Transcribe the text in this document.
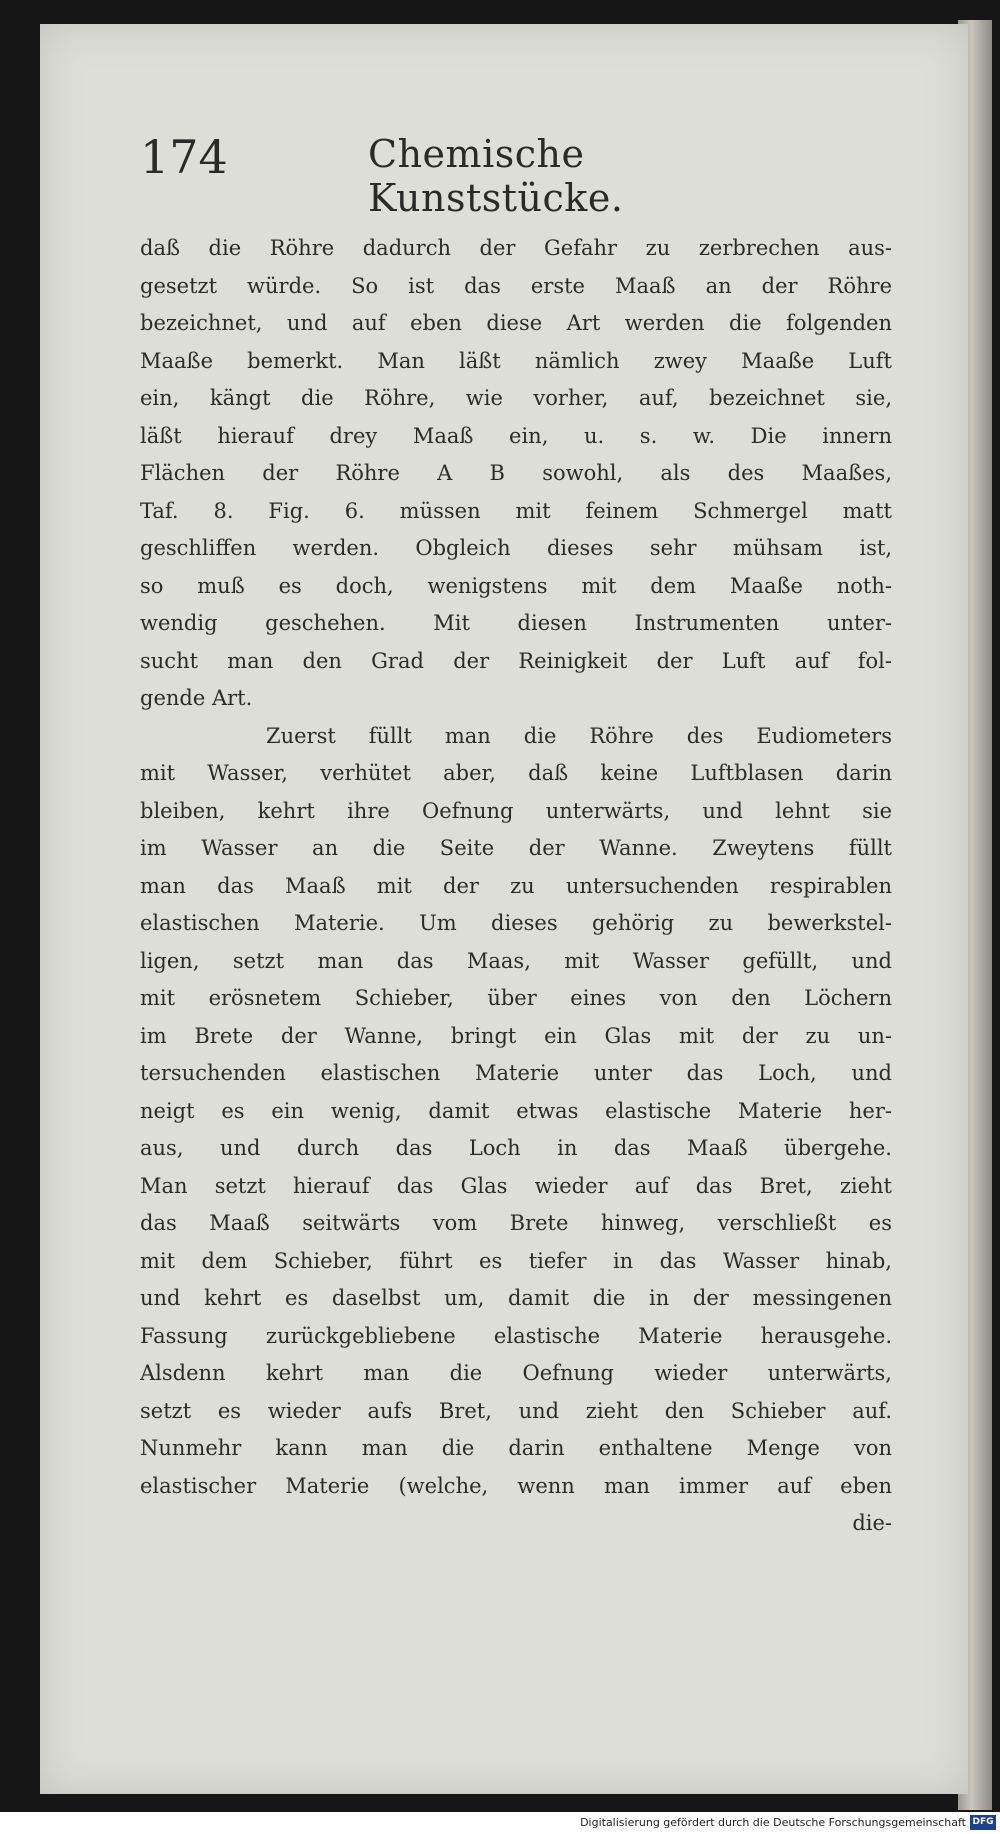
174	Chemische Kunststücke.
daß die Röhre dadurch der Gefahr zu zerbrechen aus-
gesetzt würde. So ist das erste Maaß an der Röhre
bezeichnet, und auf eben diese Art werden die folgenden
Maaße bemerkt. Man läßt nämlich zwey Maaße Luft
ein, kängt die Röhre, wie vorher, auf, bezeichnet sie,
läßt hierauf drey Maaß ein, u. s. w. Die innern
Flächen der Röhre A B sowohl, als des Maaßes,
Taf. 8. Fig. 6. müssen mit feinem Schmergel matt
geschliffen werden. Obgleich dieses sehr mühsam ist,
so muß es doch, wenigstens mit dem Maaße noth-
wendig geschehen. Mit diesen Instrumenten unter-
sucht man den Grad der Reinigkeit der Luft auf fol-
gende Art.
Zuerst füllt man die Röhre des Eudiometers
mit Wasser, verhütet aber, daß keine Luftblasen darin
bleiben, kehrt ihre Oefnung unterwärts, und lehnt sie
im Wasser an die Seite der Wanne. Zweytens füllt
man das Maaß mit der zu untersuchenden respirablen
elastischen Materie. Um dieses gehörig zu bewerkstel-
ligen, setzt man das Maas, mit Wasser gefüllt, und
mit erösnetem Schieber, über eines von den Löchern
im Brete der Wanne, bringt ein Glas mit der zu un-
tersuchenden elastischen Materie unter das Loch, und
neigt es ein wenig, damit etwas elastische Materie her-
aus, und durch das Loch in das Maaß übergehe.
Man setzt hierauf das Glas wieder auf das Bret, zieht
das Maaß seitwärts vom Brete hinweg, verschließt es
mit dem Schieber, führt es tiefer in das Wasser hinab,
und kehrt es daselbst um, damit die in der messingenen
Fassung zurückgebliebene elastische Materie herausgehe.
Alsdenn kehrt man die Oefnung wieder unterwärts,
setzt es wieder aufs Bret, und zieht den Schieber auf.
Nunmehr kann man die darin enthaltene Menge von
elastischer Materie (welche, wenn man immer auf eben
die-
Digitalisierung gefördert durch die Deutsche Forschungsgemeinschaft DFG
